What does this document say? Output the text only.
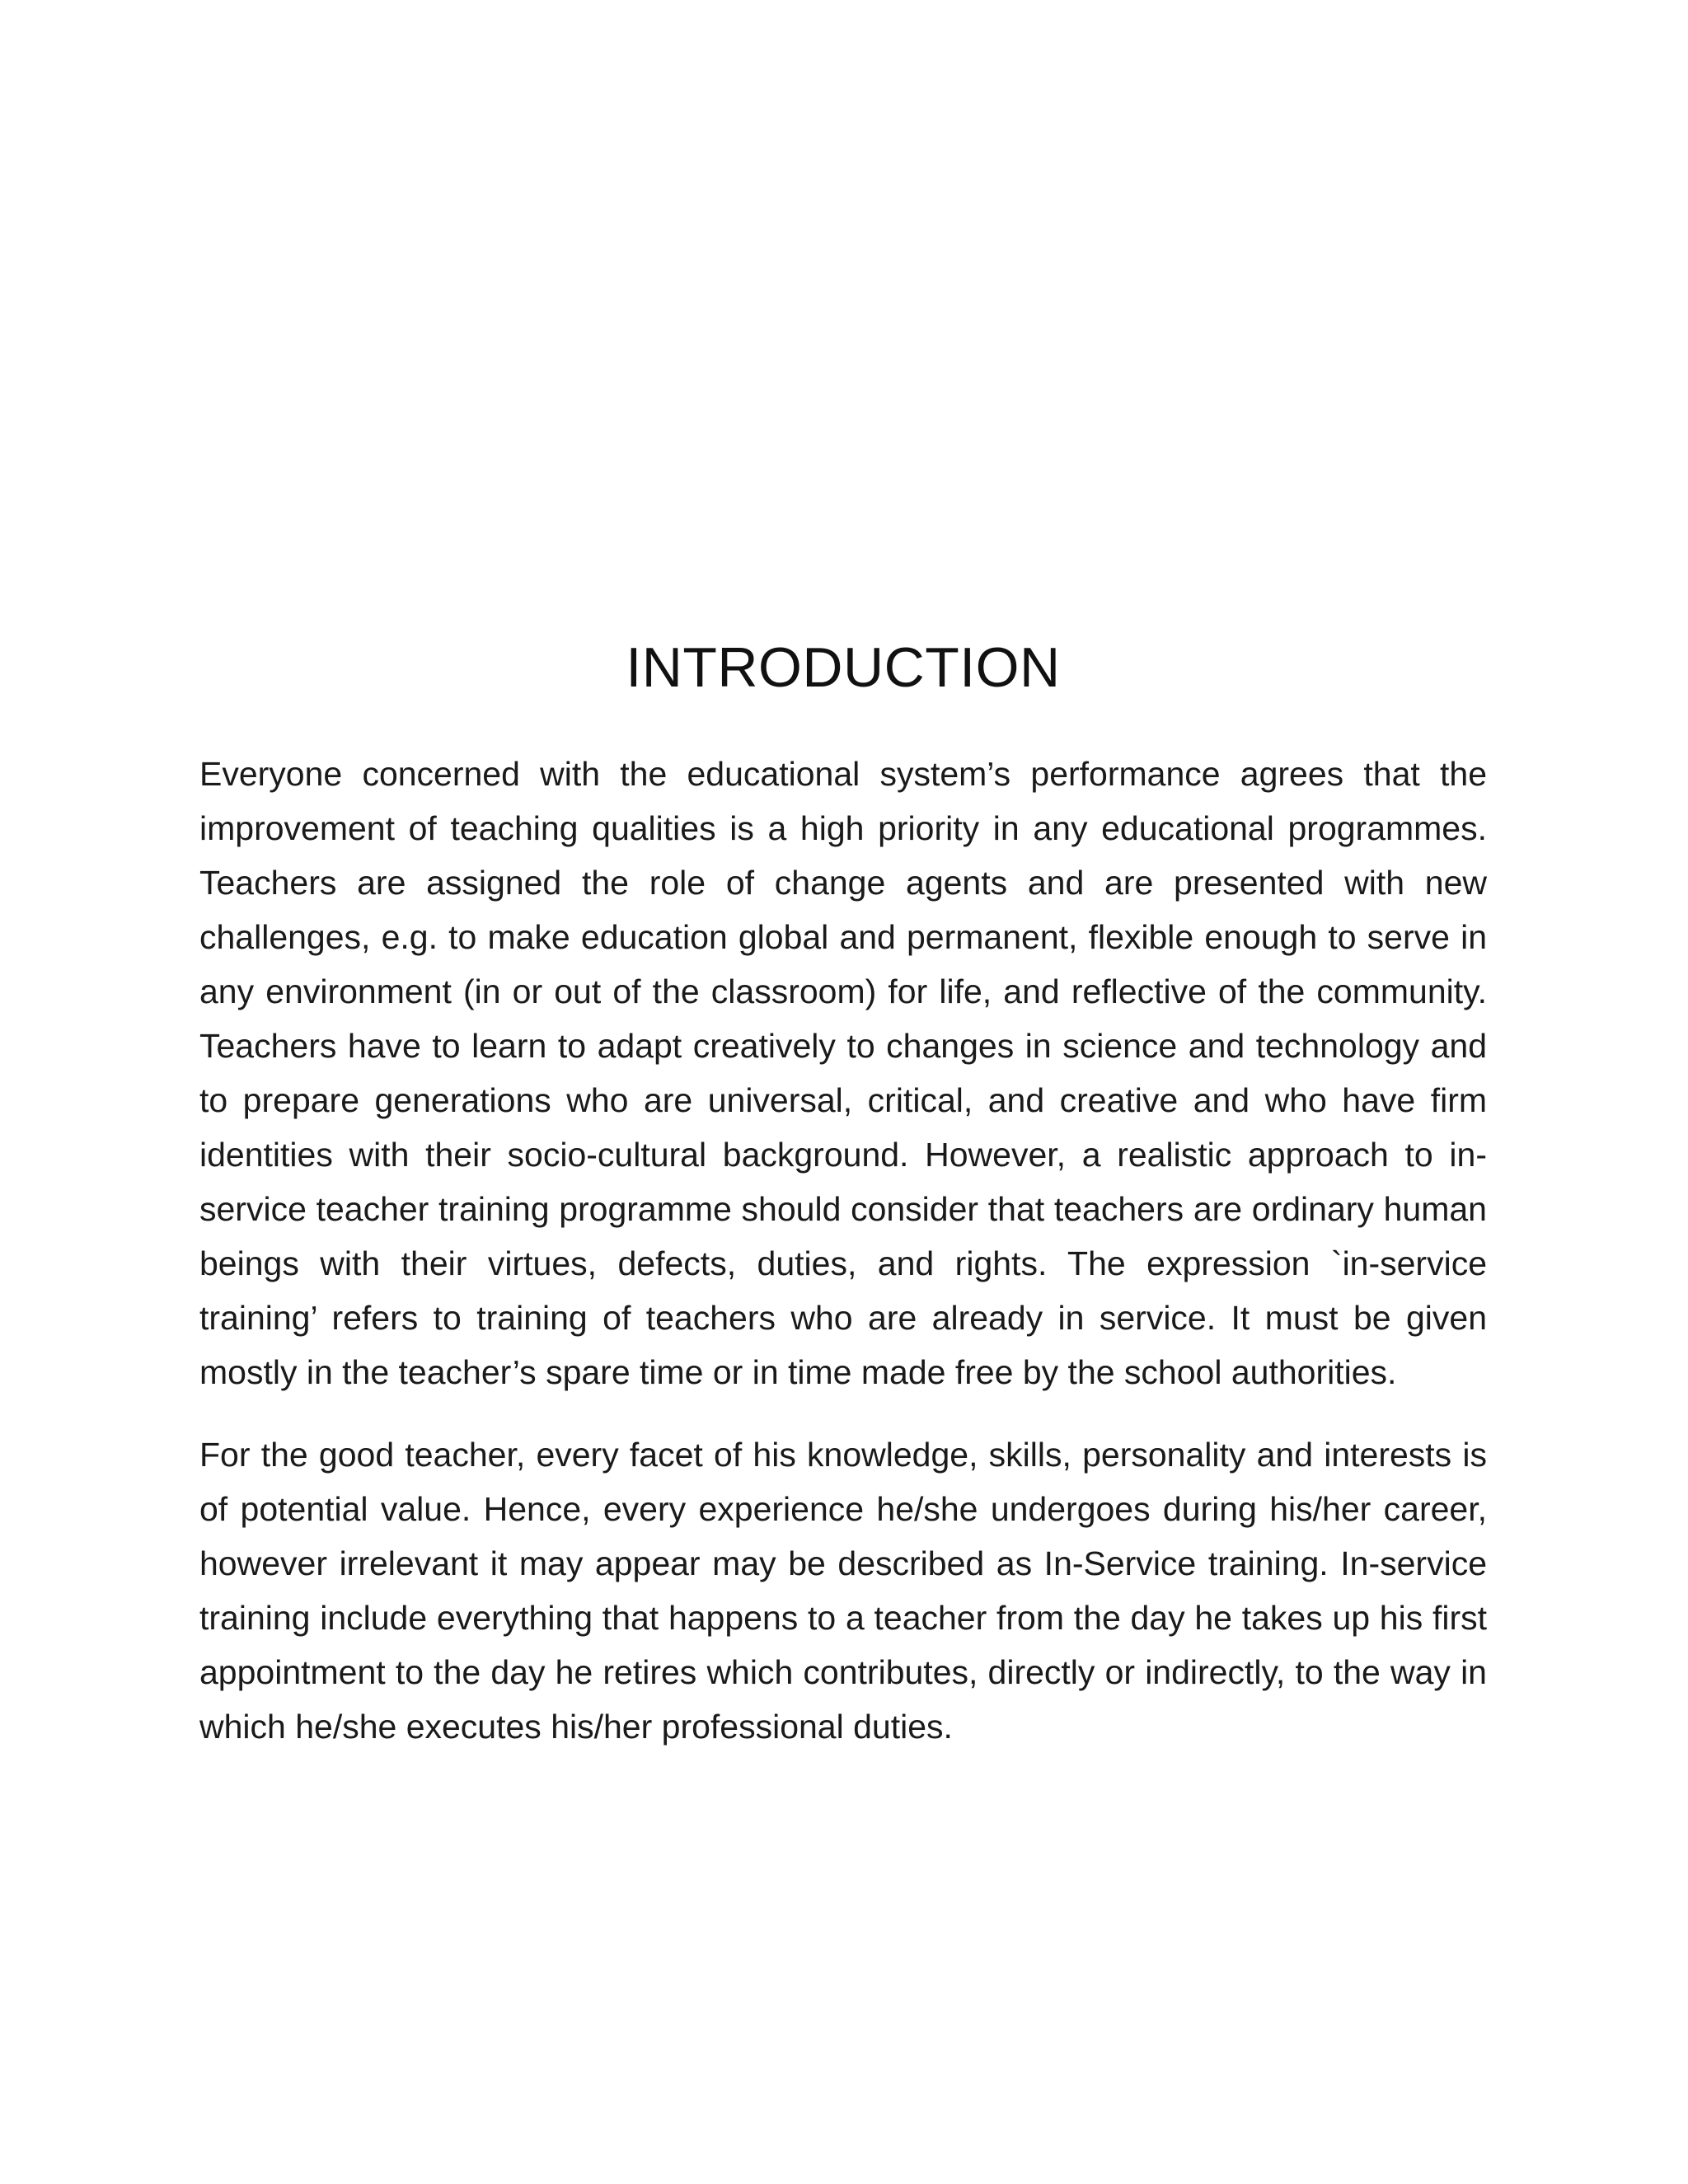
INTRODUCTION

Everyone concerned with the educational system’s performance agrees that the improvement of teaching qualities is a high priority in any educational programmes. Teachers are assigned the role of change agents and are presented with new challenges, e.g. to make education global and permanent, flexible enough to serve in any environment (in or out of the classroom) for life, and reflective of the community. Teachers have to learn to adapt creatively to changes in science and technology and to prepare generations who are universal, critical, and creative and who have firm identities with their socio-cultural background. However, a realistic approach to in-service teacher training programme should consider that teachers are ordinary human beings with their virtues, defects, duties, and rights. The expression `in-service training’ refers to training of teachers who are already in service. It must be given mostly in the teacher’s spare time or in time made free by the school authorities.

For the good teacher, every facet of his knowledge, skills, personality and interests is of potential value. Hence, every experience he/she undergoes during his/her career, however irrelevant it may appear may be described as In-Service training. In-service training include everything that happens to a teacher from the day he takes up his first appointment to the day he retires which contributes, directly or indirectly, to the way in which he/she executes his/her professional duties.
